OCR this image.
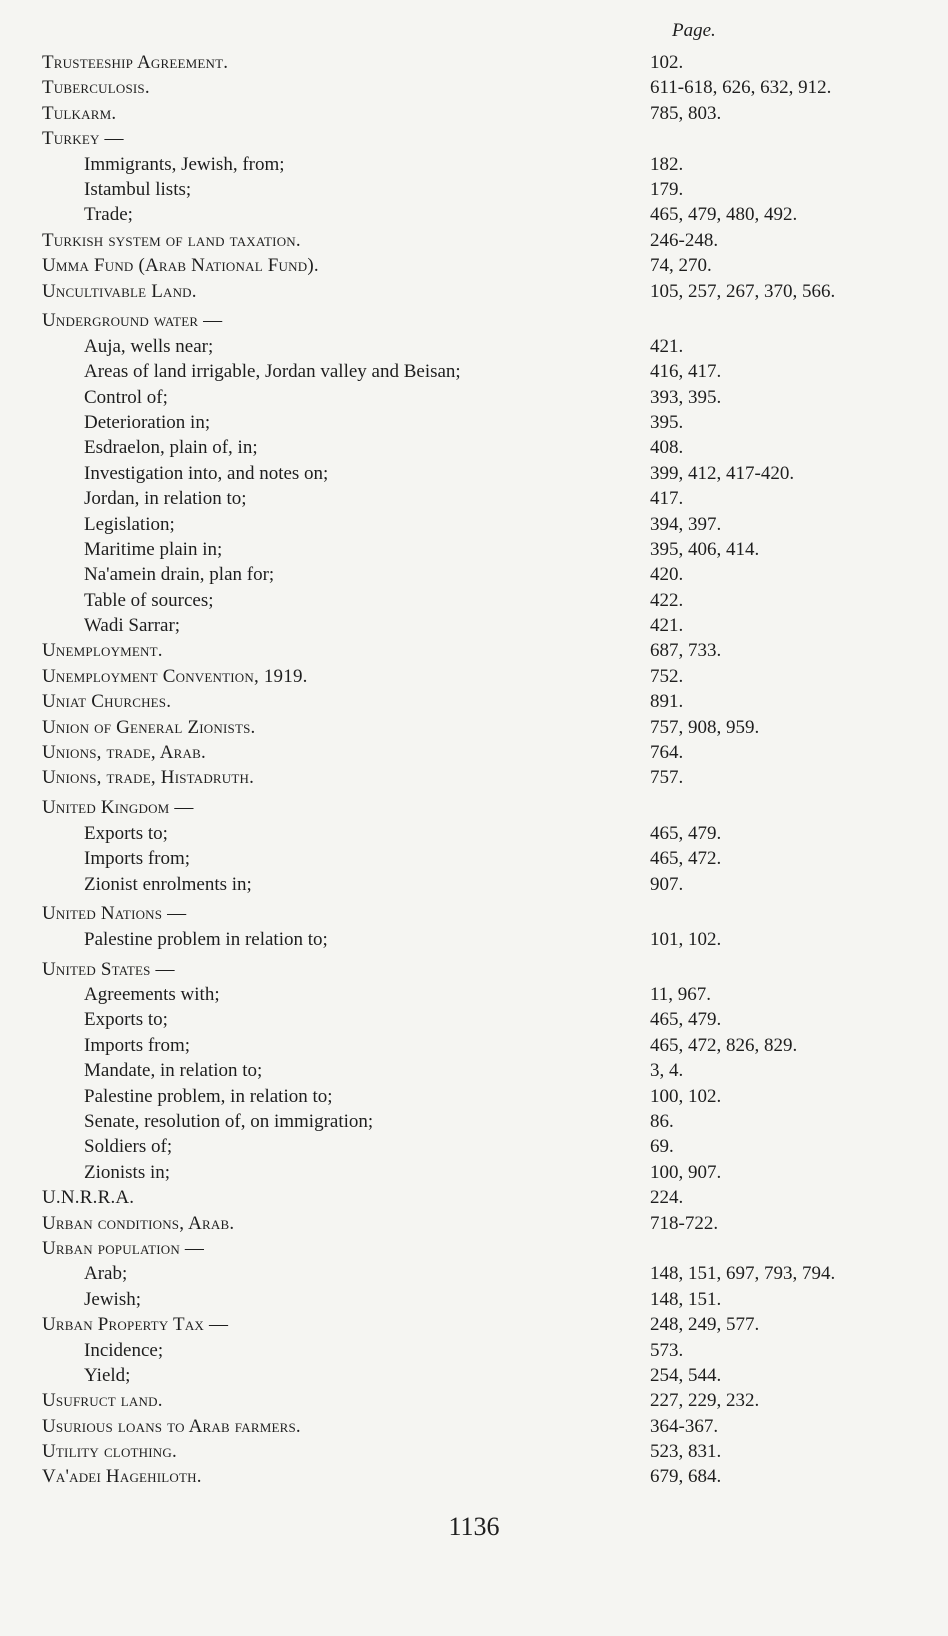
Page.
Trusteeship Agreement.	102.
Tuberculosis.	611-618, 626, 632, 912.
Tulkarm.	785, 803.
Turkey —
Immigrants, Jewish, from;	182.
Istambul lists;	179.
Trade;	465, 479, 480, 492.
Turkish system of land taxation.	246-248.
Umma Fund (Arab National Fund).	74, 270.
Uncultivable Land.	105, 257, 267, 370, 566.
Underground water —
Auja, wells near;	421.
Areas of land irrigable, Jordan valley and Beisan;	416, 417.
Control of;	393, 395.
Deterioration in;	395.
Esdraelon, plain of, in;	408.
Investigation into, and notes on;	399, 412, 417-420.
Jordan, in relation to;	417.
Legislation;	394, 397.
Maritime plain in;	395, 406, 414.
Na'amein drain, plan for;	420.
Table of sources;	422.
Wadi Sarrar;	421.
Unemployment.	687, 733.
Unemployment Convention, 1919.	752.
Uniat Churches.	891.
Union of General Zionists.	757, 908, 959.
Unions, trade, Arab.	764.
Unions, trade, Histadruth.	757.
United Kingdom —
Exports to;	465, 479.
Imports from;	465, 472.
Zionist enrolments in;	907.
United Nations —
Palestine problem in relation to;	101, 102.
United States —
Agreements with;	11, 967.
Exports to;	465, 479.
Imports from;	465, 472, 826, 829.
Mandate, in relation to;	3, 4.
Palestine problem, in relation to;	100, 102.
Senate, resolution of, on immigration;	86.
Soldiers of;	69.
Zionists in;	100, 907.
U.N.R.R.A.	224.
Urban conditions, Arab.	718-722.
Urban population —
Arab;	148, 151, 697, 793, 794.
Jewish;	148, 151.
Urban Property Tax —	248, 249, 577.
Incidence;	573.
Yield;	254, 544.
Usufruct land.	227, 229, 232.
Usurious loans to Arab farmers.	364-367.
Utility clothing.	523, 831.
Va'adei Hagehiloth.	679, 684.
1136
